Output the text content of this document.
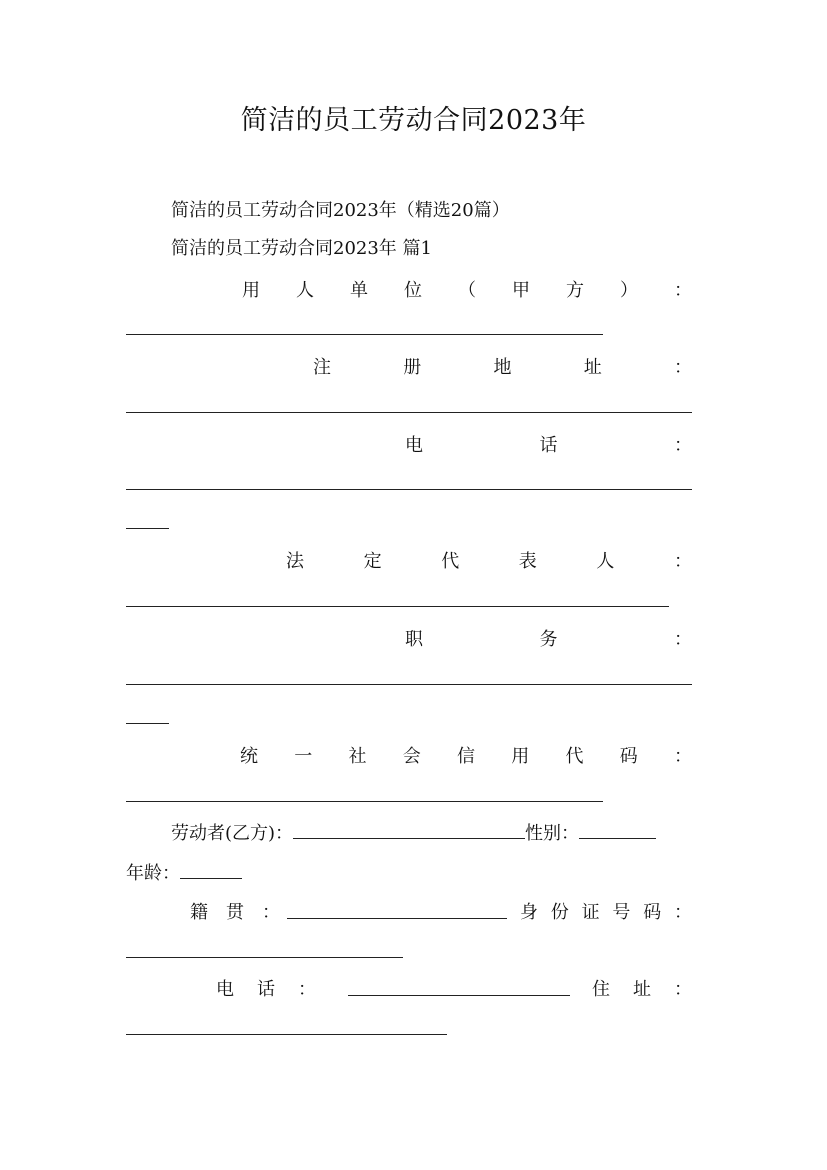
简洁的员工劳动合同2023年
简洁的员工劳动合同2023年（精选20篇）
简洁的员工劳动合同2023年 篇1
用 人 单 位 （ 甲 方 ） ：
注	册	地	址	：
电	话	：
法	定	代	表	人	：
职	务	：
统 一 社 会 信 用 代 码 ：
劳动者(乙方)：	性别：
年龄：
籍 贯 ：	身 份 证 号 码 ：
电 话 ：	住 址 ：
